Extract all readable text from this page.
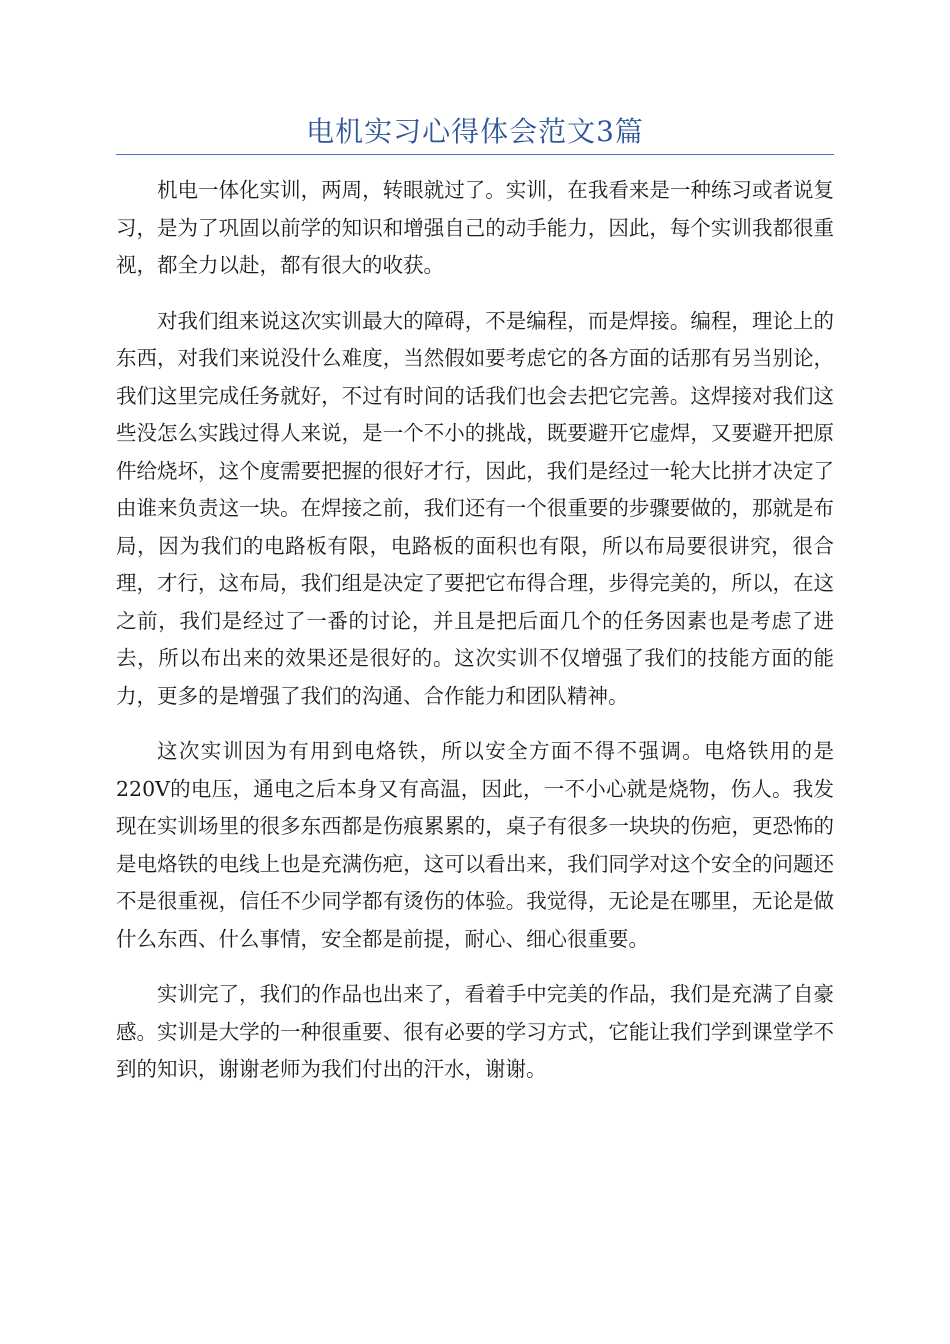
电机实习心得体会范文3篇

机电一体化实训，两周，转眼就过了。实训，在我看来是一种练习或者说复习，是为了巩固以前学的知识和增强自己的动手能力，因此，每个实训我都很重视，都全力以赴，都有很大的收获。

对我们组来说这次实训最大的障碍，不是编程，而是焊接。编程，理论上的东西，对我们来说没什么难度，当然假如要考虑它的各方面的话那有另当别论，我们这里完成任务就好，不过有时间的话我们也会去把它完善。这焊接对我们这些没怎么实践过得人来说，是一个不小的挑战，既要避开它虚焊，又要避开把原件给烧坏，这个度需要把握的很好才行，因此，我们是经过一轮大比拼才决定了由谁来负责这一块。在焊接之前，我们还有一个很重要的步骤要做的，那就是布局，因为我们的电路板有限，电路板的面积也有限，所以布局要很讲究，很合理，才行，这布局，我们组是决定了要把它布得合理，步得完美的，所以，在这之前，我们是经过了一番的讨论，并且是把后面几个的任务因素也是考虑了进去，所以布出来的效果还是很好的。这次实训不仅增强了我们的技能方面的能力，更多的是增强了我们的沟通、合作能力和团队精神。

这次实训因为有用到电烙铁，所以安全方面不得不强调。电烙铁用的是220V的电压，通电之后本身又有高温，因此，一不小心就是烧物，伤人。我发现在实训场里的很多东西都是伤痕累累的，桌子有很多一块块的伤疤，更恐怖的是电烙铁的电线上也是充满伤疤，这可以看出来，我们同学对这个安全的问题还不是很重视，信任不少同学都有烫伤的体验。我觉得，无论是在哪里，无论是做什么东西、什么事情，安全都是前提，耐心、细心很重要。

实训完了，我们的作品也出来了，看着手中完美的作品，我们是充满了自豪感。实训是大学的一种很重要、很有必要的学习方式，它能让我们学到课堂学不到的知识，谢谢老师为我们付出的汗水，谢谢。
